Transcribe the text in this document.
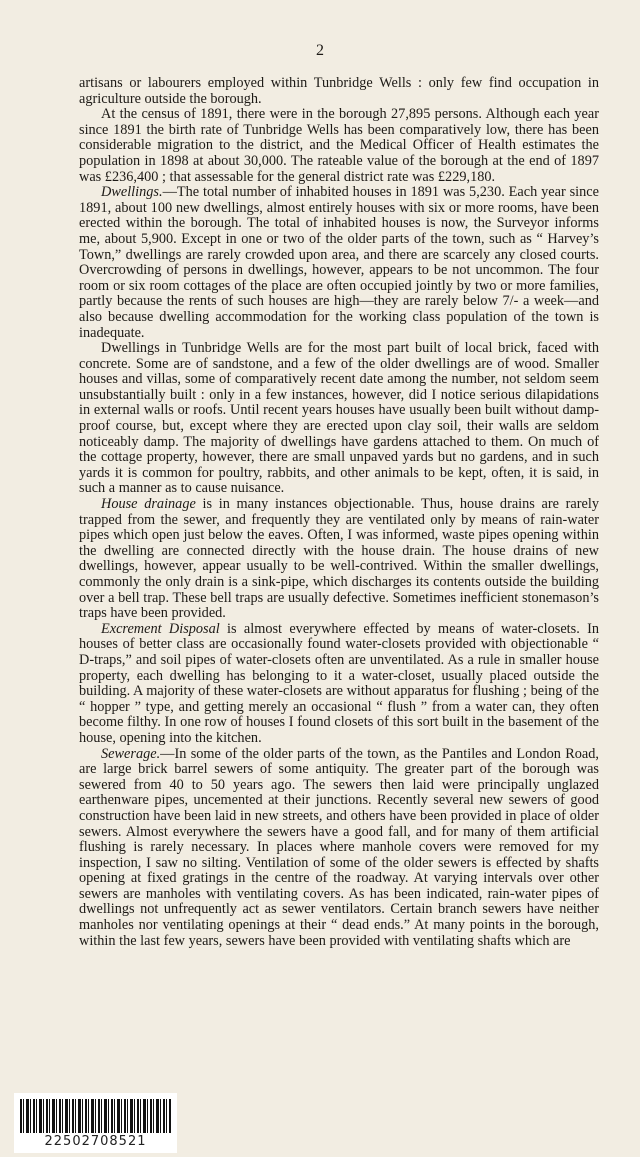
2

artisans or labourers employed within Tunbridge Wells : only few find occupation in agriculture outside the borough.

At the census of 1891, there were in the borough 27,895 persons. Although each year since 1891 the birth rate of Tunbridge Wells has been comparatively low, there has been considerable migration to the district, and the Medical Officer of Health estimates the population in 1898 at about 30,000. The rateable value of the borough at the end of 1897 was £236,400 ; that assessable for the general district rate was £229,180.

Dwellings.—The total number of inhabited houses in 1891 was 5,230. Each year since 1891, about 100 new dwellings, almost entirely houses with six or more rooms, have been erected within the borough. The total of inhabited houses is now, the Surveyor informs me, about 5,900. Except in one or two of the older parts of the town, such as “ Harvey’s Town,” dwellings are rarely crowded upon area, and there are scarcely any closed courts. Overcrowding of persons in dwellings, however, appears to be not uncommon. The four room or six room cottages of the place are often occupied jointly by two or more families, partly because the rents of such houses are high—they are rarely below 7/- a week—and also because dwelling accommodation for the working class population of the town is inadequate.

Dwellings in Tunbridge Wells are for the most part built of local brick, faced with concrete. Some are of sandstone, and a few of the older dwellings are of wood. Smaller houses and villas, some of comparatively recent date among the number, not seldom seem unsubstantially built : only in a few instances, however, did I notice serious dilapidations in external walls or roofs. Until recent years houses have usually been built without damp-proof course, but, except where they are erected upon clay soil, their walls are seldom noticeably damp. The majority of dwellings have gardens attached to them. On much of the cottage property, however, there are small unpaved yards but no gardens, and in such yards it is common for poultry, rabbits, and other animals to be kept, often, it is said, in such a manner as to cause nuisance.

House drainage is in many instances objectionable. Thus, house drains are rarely trapped from the sewer, and frequently they are ventilated only by means of rain-water pipes which open just below the eaves. Often, I was informed, waste pipes opening within the dwelling are connected directly with the house drain. The house drains of new dwellings, however, appear usually to be well-contrived. Within the smaller dwellings, commonly the only drain is a sink-pipe, which discharges its contents outside the building over a bell trap. These bell traps are usually defective. Sometimes inefficient stonemason’s traps have been provided.

Excrement Disposal is almost everywhere effected by means of water-closets. In houses of better class are occasionally found water-closets provided with objectionable “ D-traps,” and soil pipes of water-closets often are unventilated. As a rule in smaller house property, each dwelling has belonging to it a water-closet, usually placed outside the building. A majority of these water-closets are without apparatus for flushing ; being of the “ hopper ” type, and getting merely an occasional “ flush ” from a water can, they often become filthy. In one row of houses I found closets of this sort built in the basement of the house, opening into the kitchen.

Sewerage.—In some of the older parts of the town, as the Pantiles and London Road, are large brick barrel sewers of some antiquity. The greater part of the borough was sewered from 40 to 50 years ago. The sewers then laid were principally unglazed earthenware pipes, uncemented at their junctions. Recently several new sewers of good construction have been laid in new streets, and others have been provided in place of older sewers. Almost everywhere the sewers have a good fall, and for many of them artificial flushing is rarely necessary. In places where manhole covers were removed for my inspection, I saw no silting. Ventilation of some of the older sewers is effected by shafts opening at fixed gratings in the centre of the roadway. At varying intervals over other sewers are manholes with ventilating covers. As has been indicated, rain-water pipes of dwellings not unfrequently act as sewer ventilators. Certain branch sewers have neither manholes nor ventilating openings at their “ dead ends.” At many points in the borough, within the last few years, sewers have been provided with ventilating shafts which are

22502708521
